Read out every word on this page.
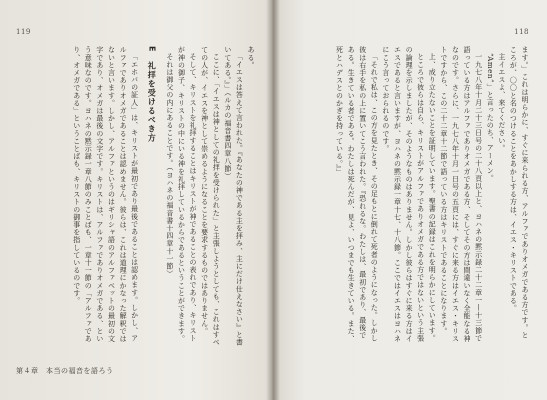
119

ある。

「イエスは答えて言われた。『あなたの神である主を拝み、主にだけ仕えなさい』と書いてある。』」（ルカの福音書四章八節）

ここに、「イエスは神としての礼拝を受けられた」と主張しようとしても、これはすべての人が、イエスを神として崇めるようになることを要求するものではありません。

そして、キリストを礼拝することはキリストが神であることの表れであり、キリストが神の御子、キリストの中にいる神を礼拝しているからであるということができます。

それは御父の内にあることです。（ヨハネの福音書十四章十一節）

E　礼拝を受けるべき方

「エホバの証人」は、キリストが最初であり最後であることは認めます。しかし、アルファでありオメガであることは認めません。彼らは、これは道理にかなった解釈ではないと言います。しかし、アルファというのはギリシャ語のアルファベットの最初の文字であり、オメガは最後の文字です。キリストは、アルファでありオメガである、という意味なのです。ヨハネの黙示録一章八節のみことばも、一章十一節の「アルファであり、オメガである」ということばも、キリストの御事を指しているのです。

第４章　本当の福音を語ろう
118

ます。」これは明らかに、すぐに来られる方、アルファでありオメガである方です。ところが、〇〇と名のつけることをあかしする方は、イエス・キリストである。

主イエスよ、来てください。

“Amen”」と言ったのち、アーメン。

一九七八年十月二十三日号の二十八頁以上と、ヨハネの黙示録二十二章一—十三節で語っている方はアルファでありオメガである方、そしてその方は間違いなく全能なる神なのです。さらに、一九七八年十月一日号の五頁には、すぐに来る方はイエス・キリストですから、この二十二章十二節で語っている方はキリストであることになります。

上、成り立たないことを証明しています。聖書の記録はこれを明らかにしています。

ところで彼らは自ら、キリストがアルファでありオメガである方ではないという主張の論理を示しましたが、そのようなものはありません。しかし彼らはすぐに来る方はイエスであると言いますが、ヨハネの黙示録一章十七、十八節。ここではイエスはヨハネにこう言っておられるのです。

「それで私は、この方を見たとき、その足もとに倒れて死者のようになった。しかし彼は右手を私の上に置いてこう言われた。『恐れるな。わたしは、最初であり、最後である。生きている者である。わたしは死んだが、見よ、いつまでも生きている。また、死とハデスとのかぎを持っている。』」
